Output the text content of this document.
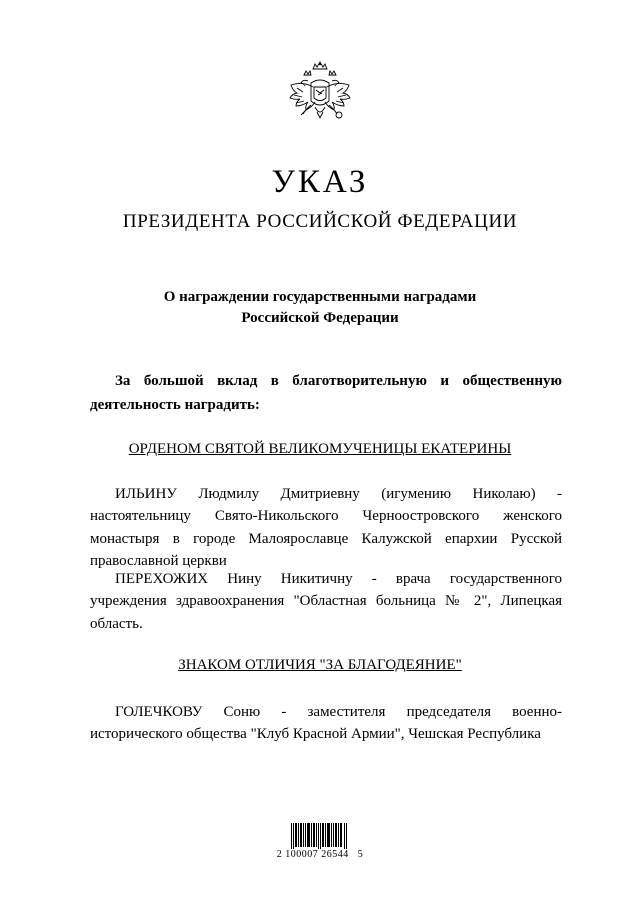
УКАЗ
ПРЕЗИДЕНТА РОССИЙСКОЙ ФЕДЕРАЦИИ
О награждении государственными наградами
Российской Федерации
За большой вклад в благотворительную и общественную деятельность наградить:
ОРДЕНОМ СВЯТОЙ ВЕЛИКОМУЧЕНИЦЫ ЕКАТЕРИНЫ
ИЛЬИНУ Людмилу Дмитриевну (игумению Николаю) - настоятельницу Свято-Никольского Черноостровского женского монастыря в городе Малоярославце Калужской епархии Русской православной церкви
ПЕРЕХОЖИХ Нину Никитичну - врача государственного учреждения здравоохранения "Областная больница № 2", Липецкая область.
ЗНАКОМ ОТЛИЧИЯ "ЗА БЛАГОДЕЯНИЕ"
ГОЛЕЧКОВУ Соню - заместителя председателя военно-исторического общества "Клуб Красной Армии", Чешская Республика
2 100007 26544   5
